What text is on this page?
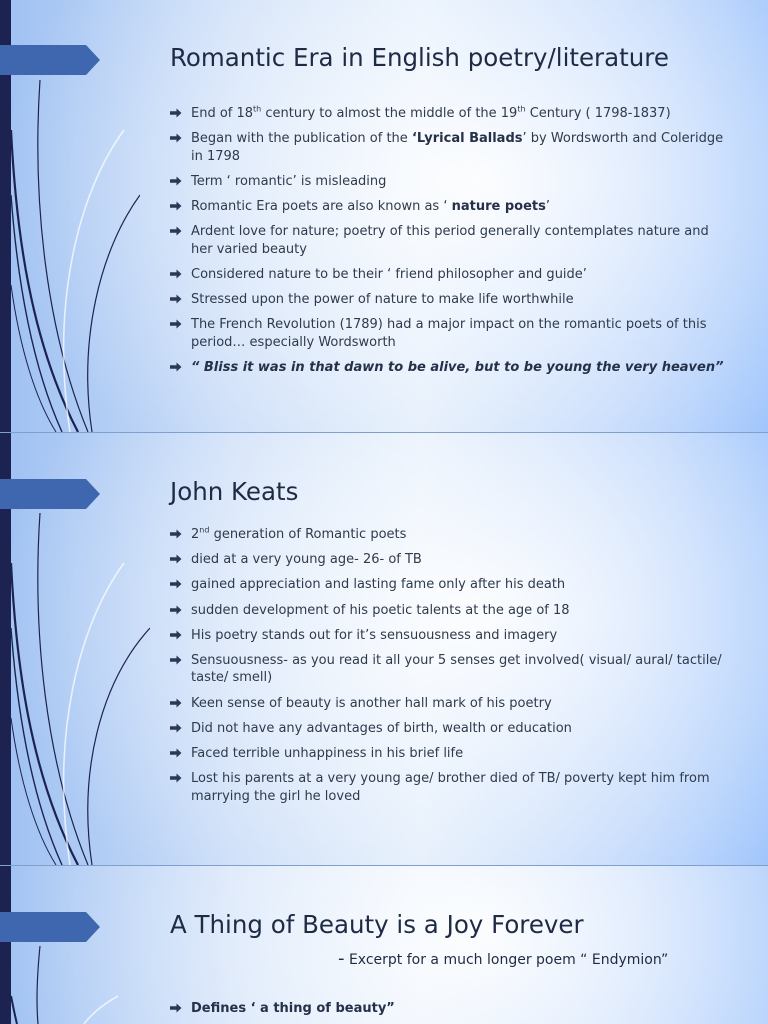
Romantic Era in English poetry/literature
End of 18th century to almost the middle of the 19th Century ( 1798-1837)
Began with the publication of the ‘Lyrical Ballads’ by Wordsworth and Coleridge in 1798
Term ‘ romantic’ is misleading
Romantic Era poets are also known as ‘ nature poets’
Ardent love for nature; poetry of this period generally contemplates nature and her varied beauty
Considered nature to be their ‘ friend philosopher and guide’
Stressed upon the power of nature to make life worthwhile
The French Revolution (1789) had a major impact on the romantic poets of this period… especially Wordsworth
“ Bliss it was in that dawn to be alive, but to be young the very heaven”
John Keats
2nd generation of Romantic poets
died at a very young age- 26- of TB
gained appreciation and lasting fame only after his death
sudden development of his poetic talents at the age of 18
His poetry stands out for it’s sensuousness and imagery
Sensuousness- as you read it all your 5 senses get involved( visual/ aural/ tactile/ taste/ smell)
Keen sense of beauty is another hall mark of his poetry
Did not have any advantages of birth, wealth or education
Faced terrible unhappiness in his brief life
Lost his parents at a very young age/ brother died of TB/ poverty kept him from marrying the girl he loved
A Thing of Beauty is a Joy Forever
- Excerpt for a much longer poem “ Endymion”
Defines ‘ a thing of beauty”
